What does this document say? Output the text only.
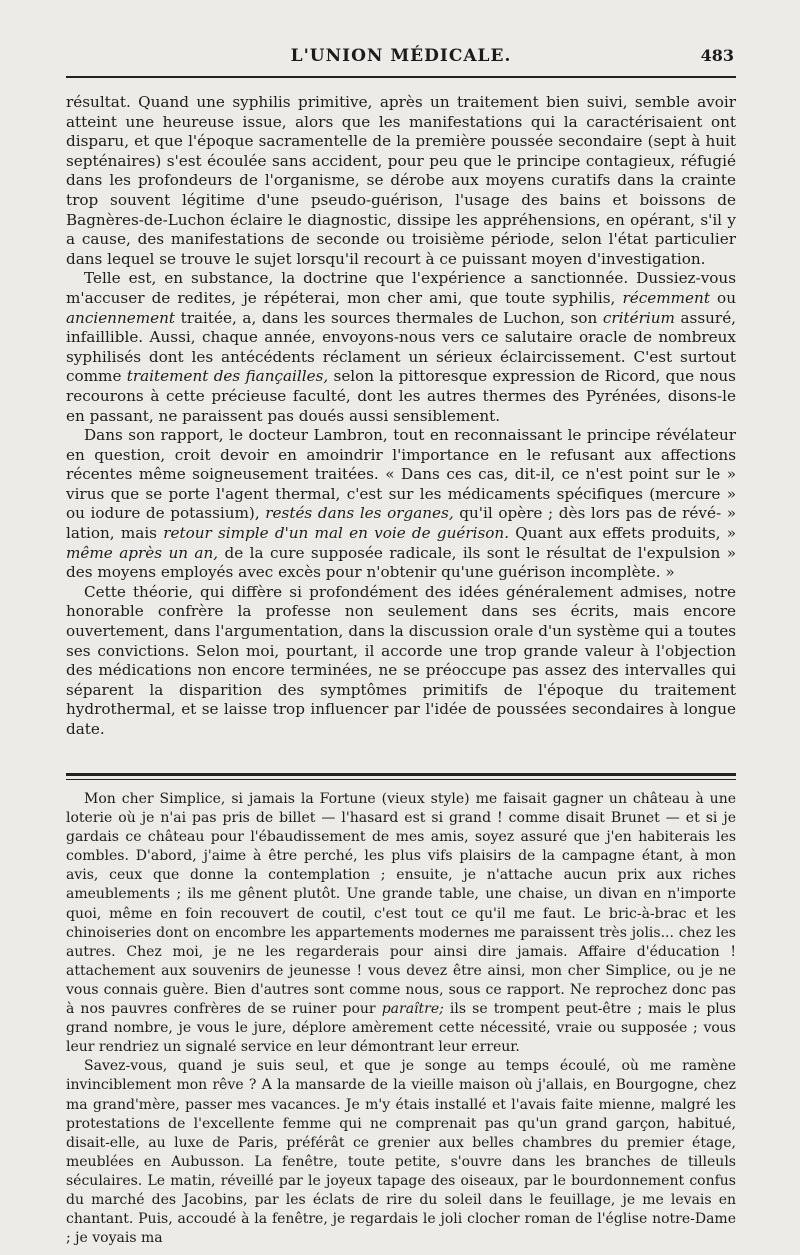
L'UNION MÉDICALE.	483

résultat. Quand une syphilis primitive, après un traitement bien suivi, semble avoir atteint une heureuse issue, alors que les manifestations qui la caractérisaient ont disparu, et que l'époque sacramentelle de la première poussée secondaire (sept à huit septénaires) s'est écoulée sans accident, pour peu que le principe contagieux, réfugié dans les profondeurs de l'organisme, se dérobe aux moyens curatifs dans la crainte trop souvent légitime d'une pseudo-guérison, l'usage des bains et boissons de Bagnères-de-Luchon éclaire le diagnostic, dissipe les appréhensions, en opérant, s'il y a cause, des manifestations de seconde ou troisième période, selon l'état particulier dans lequel se trouve le sujet lorsqu'il recourt à ce puissant moyen d'investigation.

Telle est, en substance, la doctrine que l'expérience a sanctionnée. Dussiez-vous m'accuser de redites, je répéterai, mon cher ami, que toute syphilis, récemment ou anciennement traitée, a, dans les sources thermales de Luchon, son critérium assuré, infaillible. Aussi, chaque année, envoyons-nous vers ce salutaire oracle de nombreux syphilisés dont les antécédents réclament un sérieux éclaircissement. C'est surtout comme traitement des fiançailles, selon la pittoresque expression de Ricord, que nous recourons à cette précieuse faculté, dont les autres thermes des Pyrénées, disons-le en passant, ne paraissent pas doués aussi sensiblement.

Dans son rapport, le docteur Lambron, tout en reconnaissant le principe révélateur en question, croit devoir en amoindrir l'importance en le refusant aux affections récentes même soigneusement traitées. « Dans ces cas, dit-il, ce n'est point sur le » virus que se porte l'agent thermal, c'est sur les médicaments spécifiques (mercure » ou iodure de potassium), restés dans les organes, qu'il opère ; dès lors pas de révé- » lation, mais retour simple d'un mal en voie de guérison. Quant aux effets produits, » même après un an, de la cure supposée radicale, ils sont le résultat de l'expulsion » des moyens employés avec excès pour n'obtenir qu'une guérison incomplète. »

Cette théorie, qui diffère si profondément des idées généralement admises, notre honorable confrère la professe non seulement dans ses écrits, mais encore ouvertement, dans l'argumentation, dans la discussion orale d'un système qui a toutes ses convictions. Selon moi, pourtant, il accorde une trop grande valeur à l'objection des médications non encore terminées, ne se préoccupe pas assez des intervalles qui séparent la disparition des symptômes primitifs de l'époque du traitement hydrothermal, et se laisse trop influencer par l'idée de poussées secondaires à longue date.

Mon cher Simplice, si jamais la Fortune (vieux style) me faisait gagner un château à une loterie où je n'ai pas pris de billet — l'hasard est si grand ! comme disait Brunet — et si je gardais ce château pour l'ébaudissement de mes amis, soyez assuré que j'en habiterais les combles. D'abord, j'aime à être perché, les plus vifs plaisirs de la campagne étant, à mon avis, ceux que donne la contemplation ; ensuite, je n'attache aucun prix aux riches ameublements ; ils me gênent plutôt. Une grande table, une chaise, un divan en n'importe quoi, même en foin recouvert de coutil, c'est tout ce qu'il me faut. Le bric-à-brac et les chinoiseries dont on encombre les appartements modernes me paraissent très jolis... chez les autres. Chez moi, je ne les regarderais pour ainsi dire jamais. Affaire d'éducation ! attachement aux souvenirs de jeunesse ! vous devez être ainsi, mon cher Simplice, ou je ne vous connais guère. Bien d'autres sont comme nous, sous ce rapport. Ne reprochez donc pas à nos pauvres confrères de se ruiner pour paraître; ils se trompent peut-être ; mais le plus grand nombre, je vous le jure, déplore amèrement cette nécessité, vraie ou supposée ; vous leur rendriez un signalé service en leur démontrant leur erreur.

Savez-vous, quand je suis seul, et que je songe au temps écoulé, où me ramène invinciblement mon rêve ? A la mansarde de la vieille maison où j'allais, en Bourgogne, chez ma grand'mère, passer mes vacances. Je m'y étais installé et l'avais faite mienne, malgré les protestations de l'excellente femme qui ne comprenait pas qu'un grand garçon, habitué, disait-elle, au luxe de Paris, préférât ce grenier aux belles chambres du premier étage, meublées en Aubusson. La fenêtre, toute petite, s'ouvre dans les branches de tilleuls séculaires. Le matin, réveillé par le joyeux tapage des oiseaux, par le bourdonnement confus du marché des Jacobins, par les éclats de rire du soleil dans le feuillage, je me levais en chantant. Puis, accoudé à la fenêtre, je regardais le joli clocher roman de l'église notre-Dame ; je voyais ma
